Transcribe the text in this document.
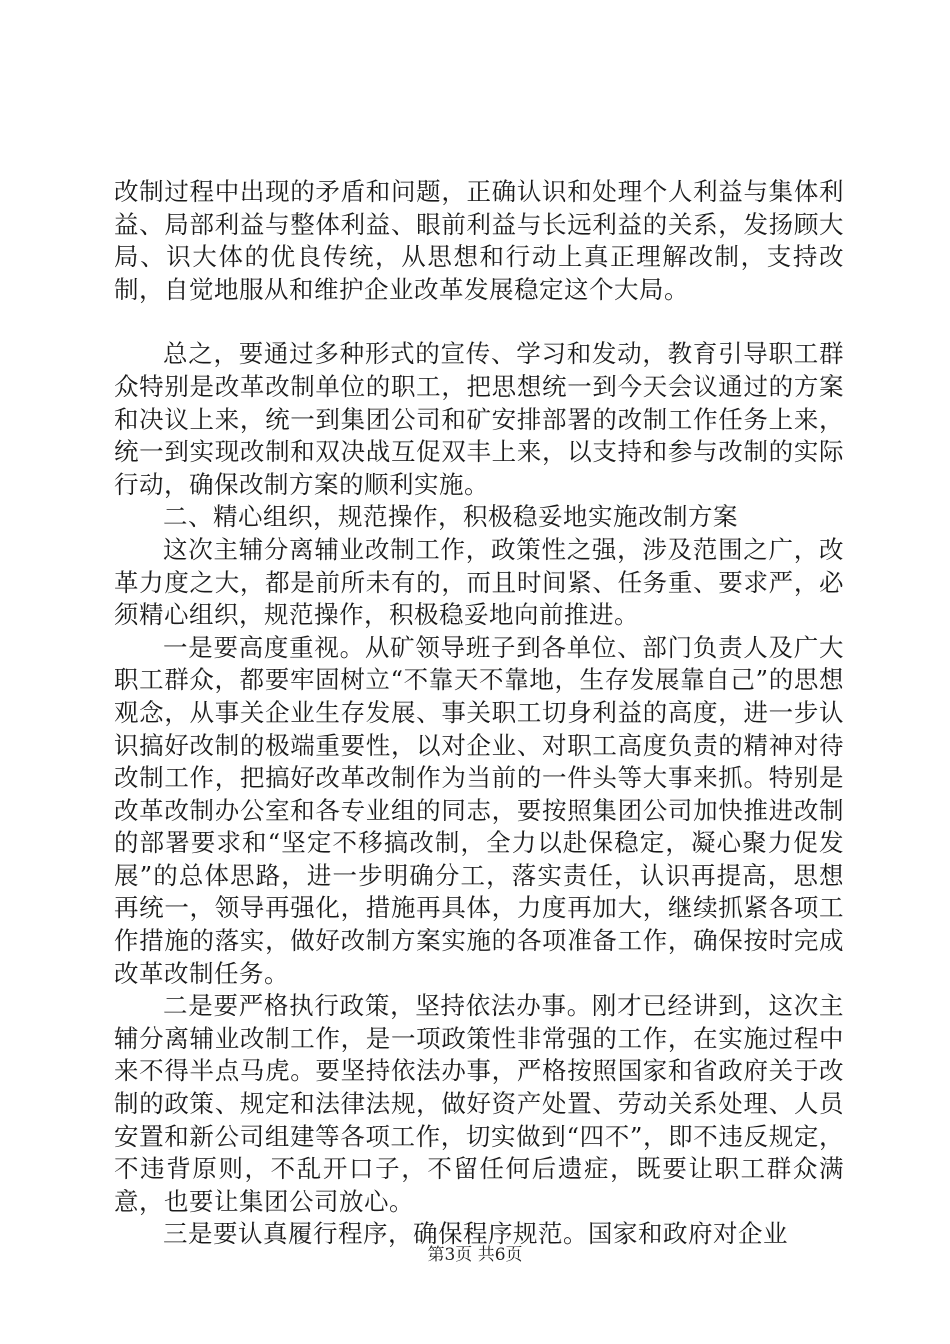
改制过程中出现的矛盾和问题，正确认识和处理个人利益与集体利益、局部利益与整体利益、眼前利益与长远利益的关系，发扬顾大局、识大体的优良传统，从思想和行动上真正理解改制，支持改制，自觉地服从和维护企业改革发展稳定这个大局。

总之，要通过多种形式的宣传、学习和发动，教育引导职工群众特别是改革改制单位的职工，把思想统一到今天会议通过的方案和决议上来，统一到集团公司和矿安排部署的改制工作任务上来，统一到实现改制和双决战互促双丰上来，以支持和参与改制的实际行动，确保改制方案的顺利实施。

二、精心组织，规范操作，积极稳妥地实施改制方案

这次主辅分离辅业改制工作，政策性之强，涉及范围之广，改革力度之大，都是前所未有的，而且时间紧、任务重、要求严，必须精心组织，规范操作，积极稳妥地向前推进。

一是要高度重视。从矿领导班子到各单位、部门负责人及广大职工群众，都要牢固树立“不靠天不靠地，生存发展靠自己”的思想观念，从事关企业生存发展、事关职工切身利益的高度，进一步认识搞好改制的极端重要性，以对企业、对职工高度负责的精神对待改制工作，把搞好改革改制作为当前的一件头等大事来抓。特别是改革改制办公室和各专业组的同志，要按照集团公司加快推进改制的部署要求和“坚定不移搞改制，全力以赴保稳定，凝心聚力促发展”的总体思路，进一步明确分工，落实责任，认识再提高，思想再统一，领导再强化，措施再具体，力度再加大，继续抓紧各项工作措施的落实，做好改制方案实施的各项准备工作，确保按时完成改革改制任务。

二是要严格执行政策，坚持依法办事。刚才已经讲到，这次主辅分离辅业改制工作，是一项政策性非常强的工作，在实施过程中来不得半点马虎。要坚持依法办事，严格按照国家和省政府关于改制的政策、规定和法律法规，做好资产处置、劳动关系处理、人员安置和新公司组建等各项工作，切实做到“四不”，即不违反规定，不违背原则，不乱开口子，不留任何后遗症，既要让职工群众满意，也要让集团公司放心。

三是要认真履行程序，确保程序规范。国家和政府对企业

第3页 共6页
